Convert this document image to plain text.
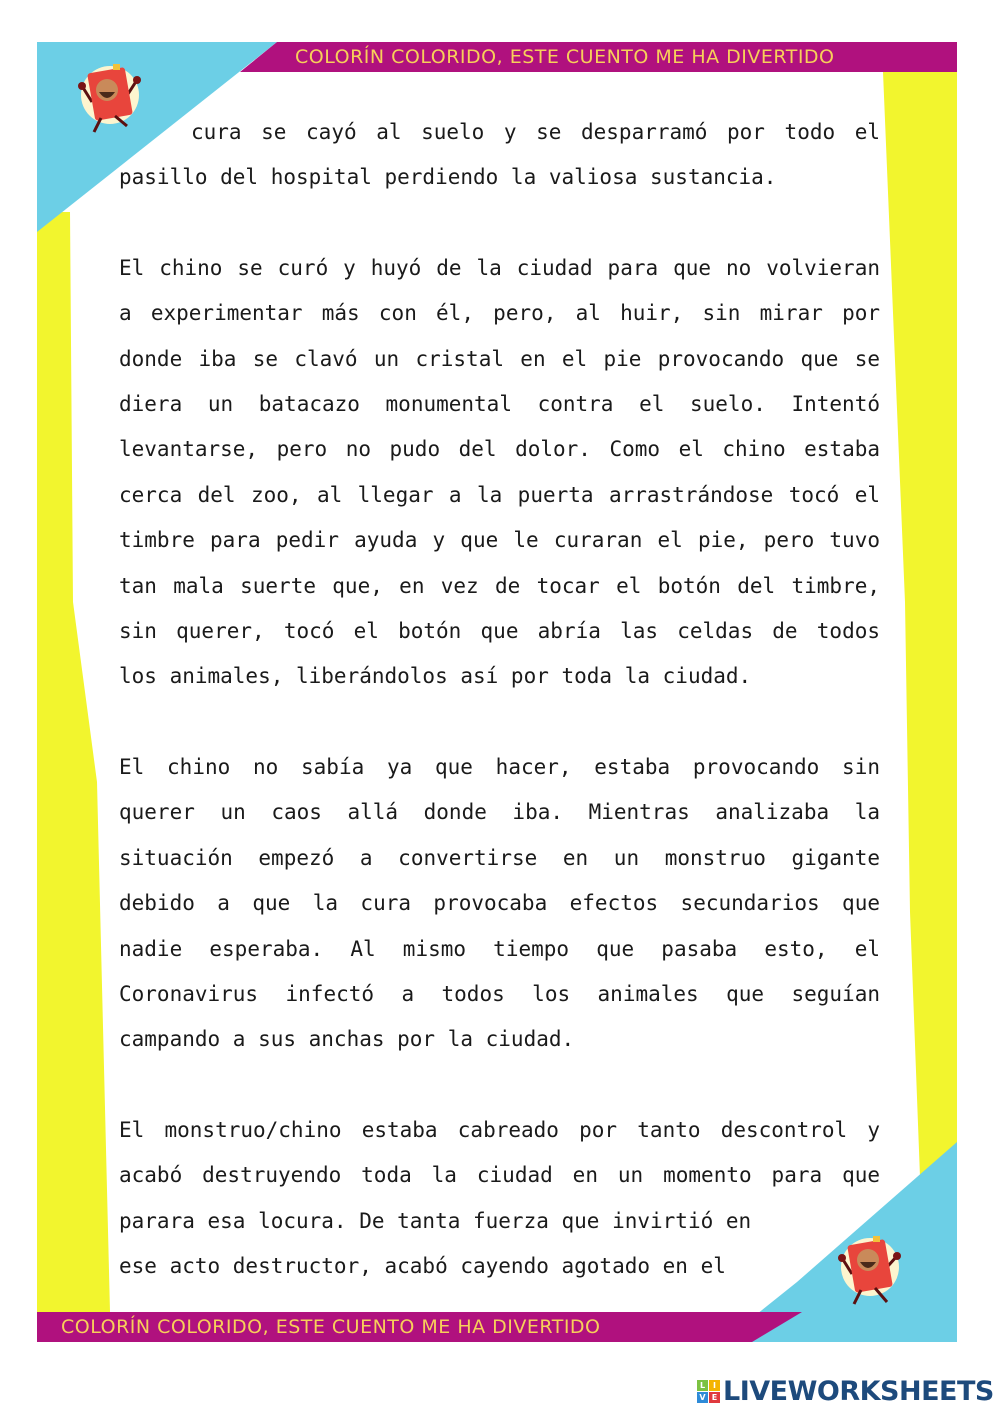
COLORÍN COLORIDO, ESTE CUENTO ME HA DIVERTIDO
COLORÍN COLORIDO, ESTE CUENTO ME HA DIVERTIDO

cura se cayó al suelo y se desparramó por todo el
pasillo del hospital perdiendo la valiosa sustancia.

El chino se curó y huyó de la ciudad para que no volvieran
a experimentar más con él, pero, al huir, sin mirar por
donde iba se clavó un cristal en el pie provocando que se
diera un batacazo monumental contra el suelo. Intentó
levantarse, pero no pudo del dolor. Como el chino estaba
cerca del zoo, al llegar a la puerta arrastrándose tocó el
timbre para pedir ayuda y que le curaran el pie, pero tuvo
tan mala suerte que, en vez de tocar el botón del timbre,
sin querer, tocó el botón que abría las celdas de todos
los animales, liberándolos así por toda la ciudad.

El chino no sabía ya que hacer, estaba provocando sin
querer un caos allá donde iba. Mientras analizaba la
situación empezó a convertirse en un monstruo gigante
debido a que la cura provocaba efectos secundarios que
nadie esperaba. Al mismo tiempo que pasaba esto, el
Coronavirus infectó a todos los animales que seguían
campando a sus anchas por la ciudad.

El monstruo/chino estaba cabreado por tanto descontrol y
acabó destruyendo toda la ciudad en un momento para que
parara esa locura. De tanta fuerza que invirtió en
ese acto destructor, acabó cayendo agotado en el

L I
V E LIVEWORKSHEETS
